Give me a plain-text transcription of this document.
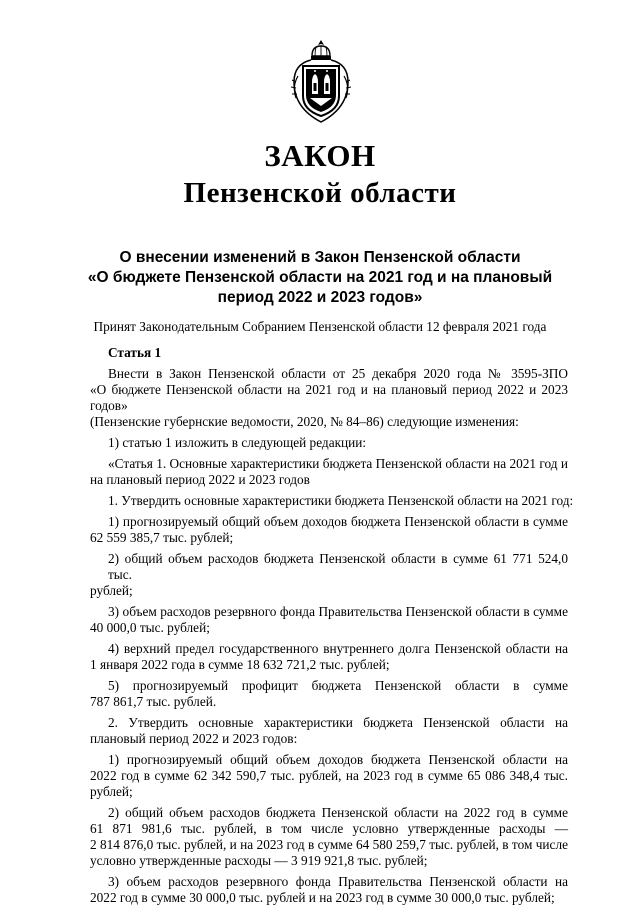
ЗАКОН
Пензенской области
О внесении изменений в Закон Пензенской области
«О бюджете Пензенской области на 2021 год и на плановый
период 2022 и 2023 годов»
Принят Законодательным Собранием Пензенской области 12 февраля 2021 года
Статья 1
Внести в Закон Пензенской области от 25 декабря 2020 года № 3595-ЗПО
«О бюджете Пензенской области на 2021 год и на плановый период 2022 и 2023 годов»
(Пензенские губернские ведомости, 2020, № 84–86) следующие изменения:
1) статью 1 изложить в следующей редакции:
«Статья 1. Основные характеристики бюджета Пензенской области на 2021 год и
на плановый период 2022 и 2023 годов
1. Утвердить основные характеристики бюджета Пензенской области на 2021 год:
1) прогнозируемый общий объем доходов бюджета Пензенской области в сумме
62 559 385,7 тыс. рублей;
2) общий объем расходов бюджета Пензенской области в сумме 61 771 524,0 тыс.
рублей;
3) объем расходов резервного фонда Правительства Пензенской области в сумме
40 000,0 тыс. рублей;
4) верхний предел государственного внутреннего долга Пензенской области на
1 января 2022 года в сумме 18 632 721,2 тыс. рублей;
5) прогнозируемый профицит бюджета Пензенской области в сумме
787 861,7 тыс. рублей.
2. Утвердить основные характеристики бюджета Пензенской области на
плановый период 2022 и 2023 годов:
1) прогнозируемый общий объем доходов бюджета Пензенской области на
2022 год в сумме 62 342 590,7 тыс. рублей, на 2023 год в сумме 65 086 348,4 тыс.
рублей;
2) общий объем расходов бюджета Пензенской области на 2022 год в сумме
61 871 981,6 тыс. рублей, в том числе условно утвержденные расходы —
2 814 876,0 тыс. рублей, и на 2023 год в сумме 64 580 259,7 тыс. рублей, в том числе
условно утвержденные расходы — 3 919 921,8 тыс. рублей;
3) объем расходов резервного фонда Правительства Пензенской области на
2022 год в сумме 30 000,0 тыс. рублей и на 2023 год в сумме 30 000,0 тыс. рублей;
